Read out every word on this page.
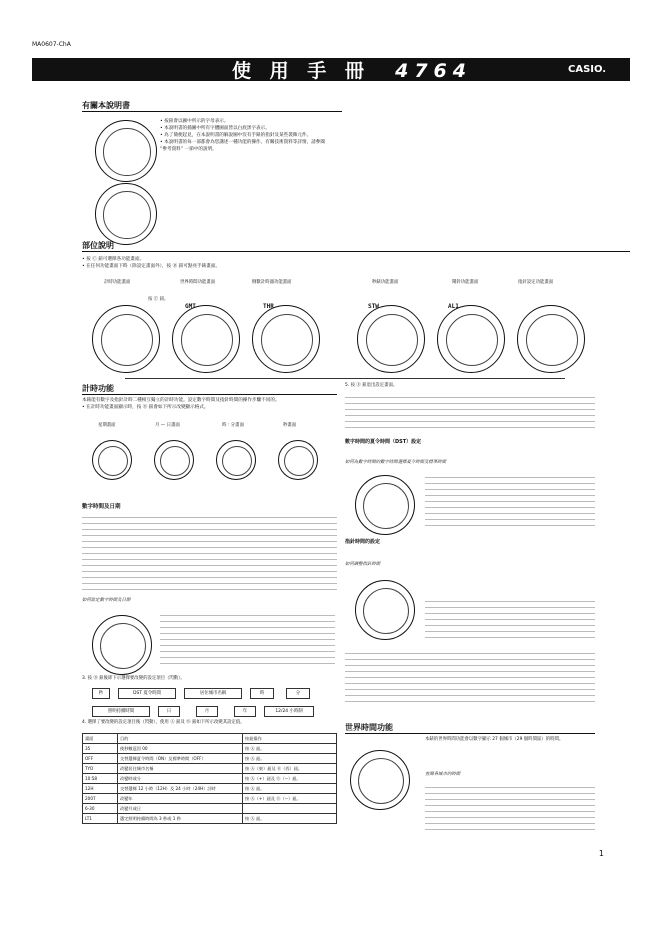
MA0607-ChA
使 用 手 冊 4764	CASIO.
有關本說明書
• 按鈕會以圖中所示的字母表示。
• 本說明書的插圖中所有字體圖面皆以白底黑字表示。
• 為了簡便起見，在本說明書的解說圖中沒有手錶的指針及某些裝飾元件。
• 本說明書的每一部都會為您講述一種功能的操作。有關技術資料等詳情，請參閱 “參考資料” 一節中的說明。
部位說明
• 按 Ⓒ 鈕可選擇各功能畫面。
• 在任何功能畫面下時（除設定畫面外），按 Ⓑ 鈕可點亮手錶畫面。
計時功能畫面	世界時間功能畫面	倒數計時器功能畫面	秒錶功能畫面	鬧鈴功能畫面	指針設定功能畫面
按 Ⓒ 鈕。
GMT	THR	STW	AL1
計時功能
本錶能有數字及指針計時二種相互獨立的計時功能。設定數字時間及指針時間的操作步驟不同的。
• 在計時功能畫面顯示時，按 Ⓓ 鈕會如下所示改變顯示格式。
星期畫面	月 — 日畫面	時 : 分畫面	秒畫面
數字時間及日期
如何設定數字時間及日期
3. 按 Ⓓ 鈕後即下示選擇要改變的設定項目（閃動）。
秒	DST 夏令時間	居住城市名稱	時	分
照明持續時間	日	月	年	12/24 小時制
4. 選擇了要改變的設定項目後（閃動），使用 Ⓐ 鈕及 Ⓑ 鈕如下所示改變其設定值。
畫面	目的	按鈕操作
35	使秒數返回 00	按 Ⓐ 鈕。
OFF	交替選擇夏令時間（ON）及標準時間（OFF）	按 Ⓐ 鈕。
TYO	改變居住城市名稱	按 Ⓐ（東）鈕及 Ⓑ（西）鈕。
10:58	改變時或分	按 Ⓐ（+）鈕及 Ⓑ（−）鈕。
12H	交替選擇 12 小時（12H）及 24 小時（24H）計時	按 Ⓐ 鈕。
2007	改變年	按 Ⓐ（+）鈕及 Ⓑ（−）鈕。
6-30	改變月或日	
LT1	選定照明持續時間為 3 秒或 1 秒	按 Ⓐ 鈕。
5. 按 Ⓔ 鈕退出設定畫面。
數字時間的夏令時間（DST）設定
如何為數字時間的數字時間選擇夏令時間及標準時間
指針時間的設定
如何調整指針時間
世界時間功能
本錶的世界時間功能會以數字顯示 27 個城市（29 個時間區）的時間。
查閱各城市的時間
1
